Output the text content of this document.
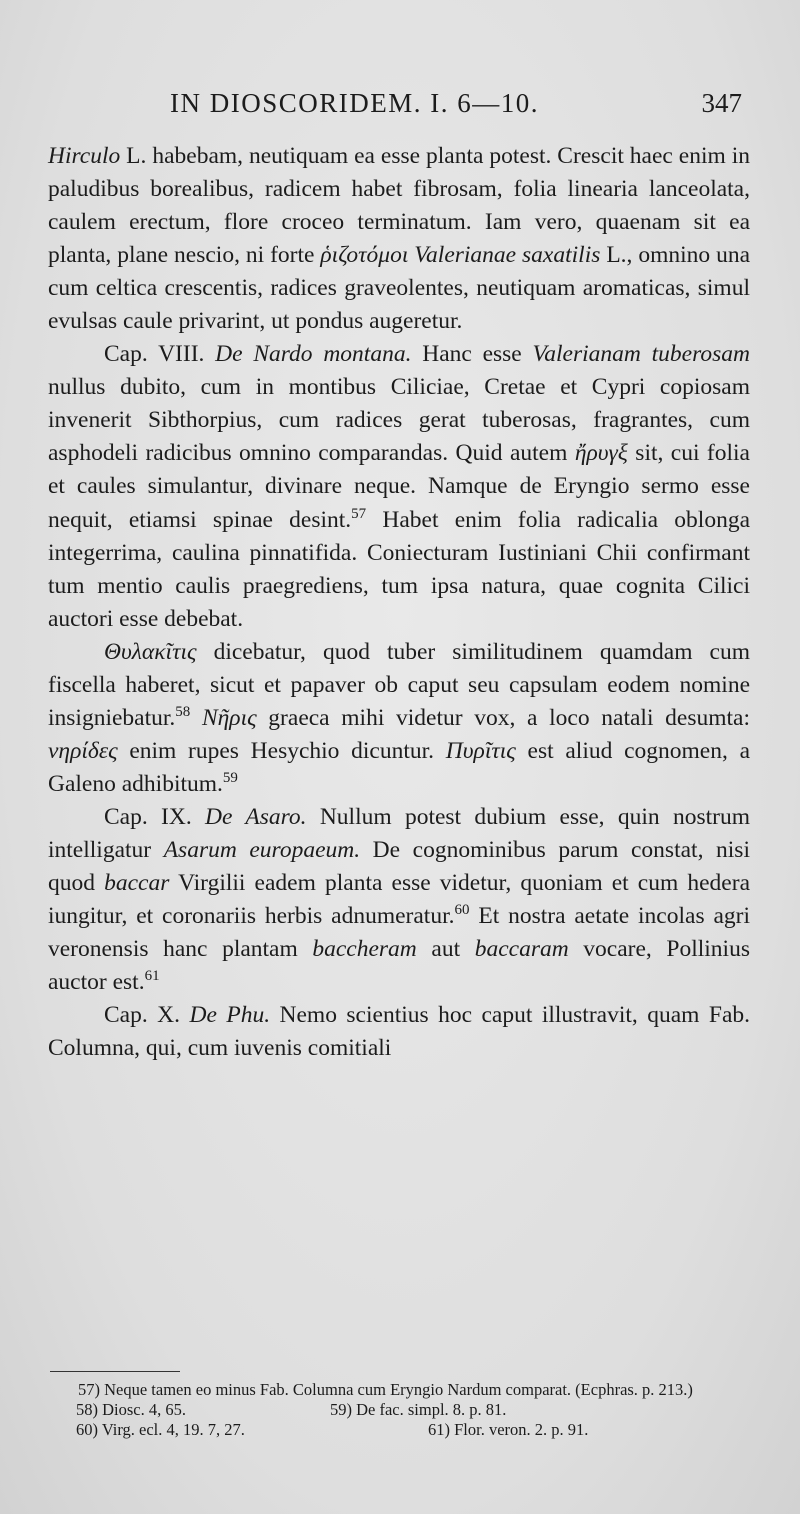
IN DIOSCORIDEM. I. 6—10.	347

Hirculo L. habebam, neutiquam ea esse planta potest. Crescit haec enim in paludibus borealibus, radicem habet fibrosam, folia linearia lanceolata, caulem erectum, flore croceo terminatum. Iam vero, quaenam sit ea planta, plane nescio, ni forte ῥιζοτόμοι Valerianae saxatilis L., omnino una cum celtica crescentis, radices graveolentes, neutiquam aromaticas, simul evulsas caule privarint, ut pondus augeretur.

Cap. VIII. De Nardo montana. Hanc esse Valerianam tuberosam nullus dubito, cum in montibus Ciliciae, Cretae et Cypri copiosam invenerit Sibthorpius, cum radices gerat tuberosas, fragrantes, cum asphodeli radicibus omnino comparandas. Quid autem ἤρυγξ sit, cui folia et caules simulantur, divinare neque. Namque de Eryngio sermo esse nequit, etiamsi spinae desint.$^{57}$ Habet enim folia radicalia oblonga integerrima, caulina pinnatifida. Coniecturam Iustiniani Chii confirmant tum mentio caulis praegrediens, tum ipsa natura, quae cognita Cilici auctori esse debebat.

Θυλακῖτις dicebatur, quod tuber similitudinem quamdam cum fiscella haberet, sicut et papaver ob caput seu capsulam eodem nomine insigniebatur.$^{58}$ Νῆρις graeca mihi videtur vox, a loco natali desumta: νηρίδες enim rupes Hesychio dicuntur. Πυρῖτις est aliud cognomen, a Galeno adhibitum.$^{59}$

Cap. IX. De Asaro. Nullum potest dubium esse, quin nostrum intelligatur Asarum europaeum. De cognominibus parum constat, nisi quod baccar Virgilii eadem planta esse videtur, quoniam et cum hedera iungitur, et coronariis herbis adnumeratur.$^{60}$ Et nostra aetate incolas agri veronensis hanc plantam baccheram aut baccaram vocare, Pollinius auctor est.$^{61}$

Cap. X. De Phu. Nemo scientius hoc caput illustravit, quam Fab. Columna, qui, cum iuvenis comitiali

57) Neque tamen eo minus Fab. Columna cum Eryngio Nardum comparat. (Ecphras. p. 213.)

58) Diosc. 4, 65.	59) De fac. simpl. 8. p. 81.
60) Virg. ecl. 4, 19. 7, 27.	61) Flor. veron. 2. p. 91.
